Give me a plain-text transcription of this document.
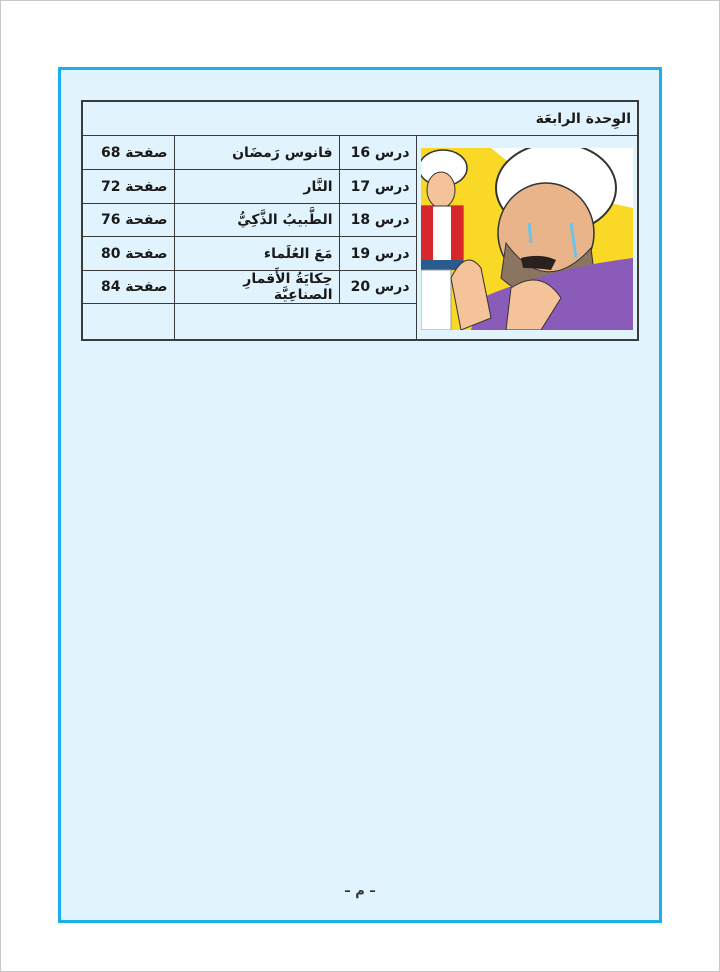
الوِحدة الرابعَة			

	درس 16	فانوس رَمضَان	صفحة 68
	درس 17	النَّار	صفحة 72
	درس 18	الطَّبيبُ الذَّكِيُّ	صفحة 76
	درس 19	مَعَ العُلَماء	صفحة 80
	درس 20	حِكايَةُ الأَقمارِ الصناعِيَّة	صفحة 84

– م –
